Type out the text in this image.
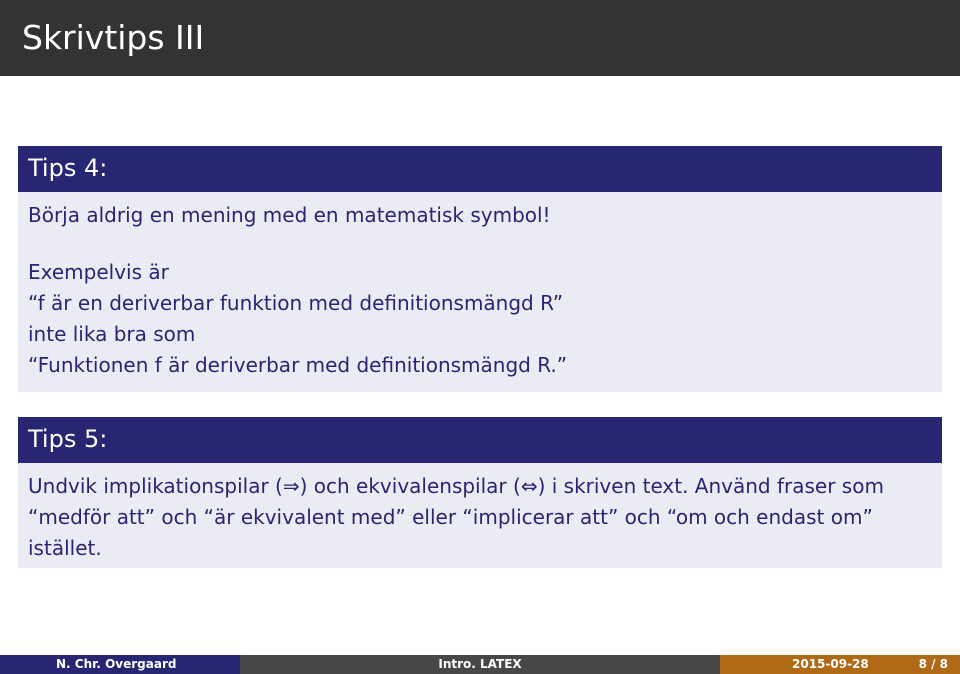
Skrivtips III
Tips 4:

Börja aldrig en mening med en matematisk symbol!

Exempelvis är

“f är en deriverbar funktion med definitionsmängd R”

inte lika bra som

“Funktionen f är deriverbar med definitionsmängd R.”

Tips 5:

Undvik implikationspilar (⇒) och ekvivalenspilar (⇔) i skriven text. Använd fraser som “medför att” och “är ekvivalent med” eller “implicerar att” och “om och endast om” istället.

N. Chr. Overgaard	Intro. LATEX	2015-09-28	8 / 8
